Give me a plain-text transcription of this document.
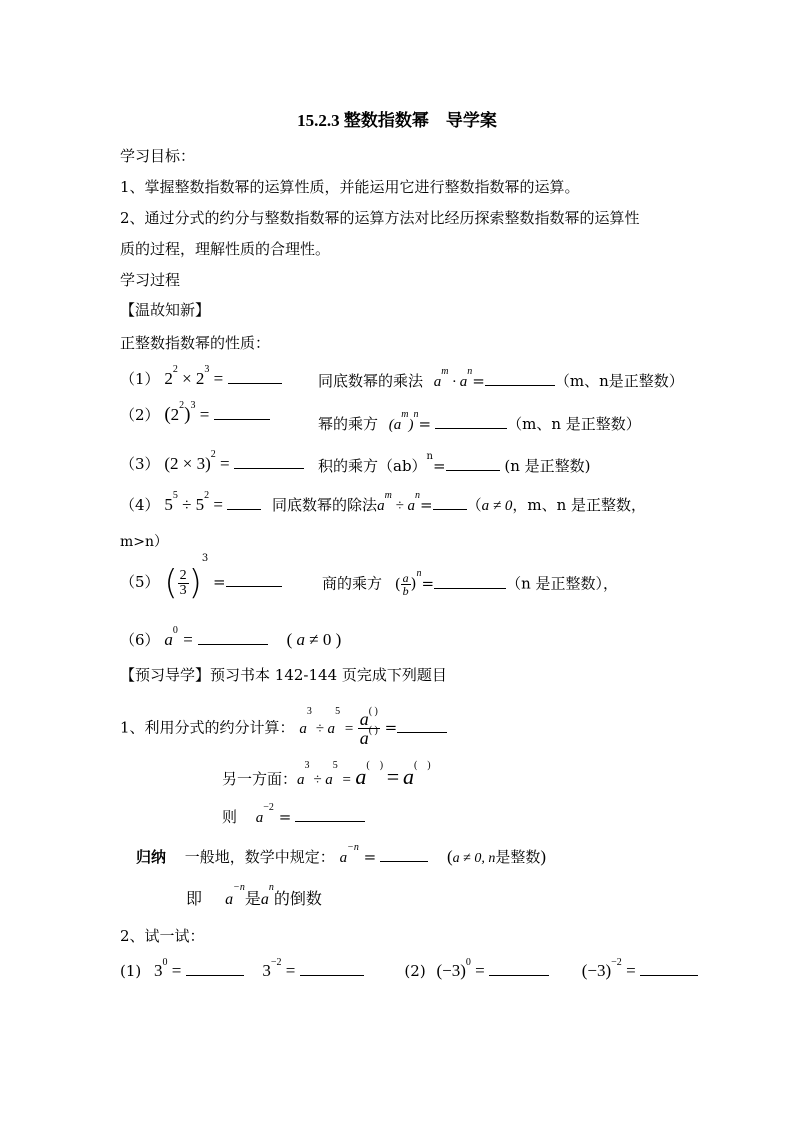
15.2.3 整数指数幂　导学案
学习目标：
1、掌握整数指数幂的运算性质，并能运用它进行整数指数幂的运算。
2、通过分式的约分与整数指数幂的运算方法对比经历探索整数指数幂的运算性
质的过程，理解性质的合理性。
学习过程
【温故知新】
正整数指数幂的性质：
（1） $2^2 \times 2^3$ =	同底数幂的乘法 $a^m \cdot a^n=$	（m、n是正整数）
（2） $(2^2)^3$ =	幂的乘方 $(a^m)^n=$	（m、n 是正整数）
（3） $(2 \times 3)^2$ =	积的乘方（ab）$^n$=	(n 是正整数)
（4） $5^5 \div 5^2$ =	同底数幂的除法$a^m \div a^n= (a \ne 0$，m、n 是正整数，
m>n）
（5） ( $\frac{2}{3} )^3$ =	商的乘方 ( $\frac{a}{b} )^n=$	（n 是正整数），
（6） $a^0$ =	( a ≠ 0 )
【预习导学】预习书本 142-144 页完成下列题目
1、利用分式的约分计算： $a^3 \div a^5 = \frac{a^{( )}}{a^{( )}}$ =
另一方面：$a^3 \div a^5 = a^{( )} = a^{( )}$
则 $a^{-2}$ =
归纳 一般地，数学中规定： $a^{-n}$ =	(a ≠ 0, n是整数)
即 $a^{-n}$是$a^n$的倒数
2、试一试：
(1) $3^0$ =	$3^{-2}$ =	(2) $(-3)^0$ =	$(-3)^{-2}$ =
